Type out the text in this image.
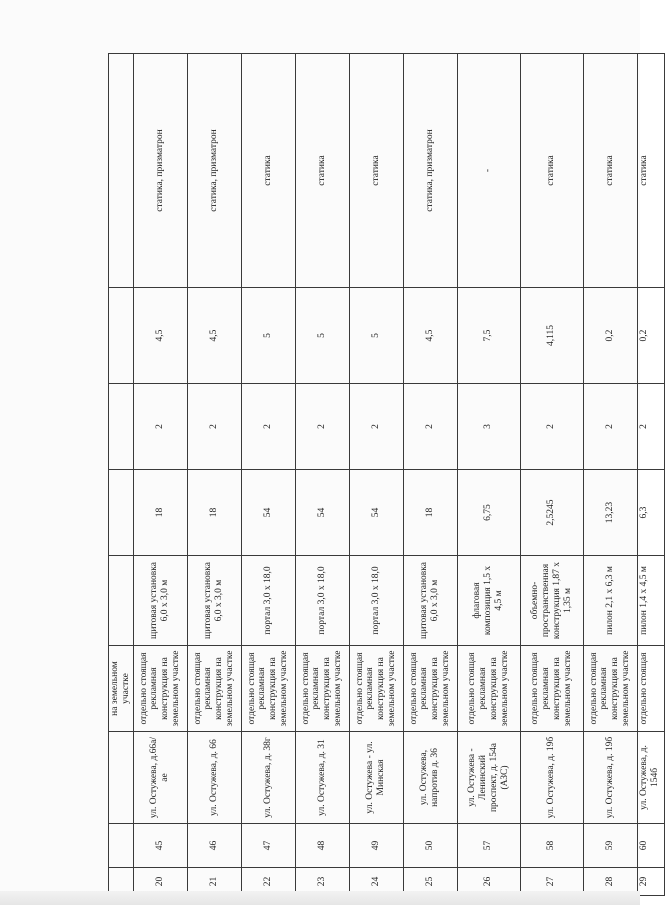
			на земельном участке					
20	45	ул. Остужева, д.66а/ае	отдельно стоящая рекламная конструкция на земельном участке	щитовая установка 6,0 х 3,0 м	18	2	4,5	статика, призматрон
21	46	ул. Остужева, д. 66	отдельно стоящая рекламная конструкция на земельном участке	щитовая установка 6,0 х 3,0 м	18	2	4,5	статика, призматрон
22	47	ул. Остужева, д. 38г	отдельно стоящая рекламная конструкция на земельном участке	портал 3,0 х 18,0	54	2	5	статика
23	48	ул. Остужева, д. 31	отдельно стоящая рекламная конструкция на земельном участке	портал 3,0 х 18,0	54	2	5	статика
24	49	ул. Остужева - ул. Минская	отдельно стоящая рекламная конструкция на земельном участке	портал 3,0 х 18,0	54	2	5	статика
25	50	ул. Остужева, напротив д. 36	отдельно стоящая рекламная конструкция на земельном участке	щитовая установка 6,0 х 3,0 м	18	2	4,5	статика, призматрон
26	57	ул. Остужева - Ленинский проспект, д. 154а (АЗС)	отдельно стоящая рекламная конструкция на земельном участке	флаговая композиция 1,5 х 4,5 м	6,75	3	7,5	-
27	58	ул. Остужева, д. 19б	отдельно стоящая рекламная конструкция на земельном участке	объемно-пространственная конструкция 1,87 х 1,35 м	2,5245	2	4,115	статика
28	59	ул. Остужева, д. 19б	отдельно стоящая рекламная конструкция на земельном участке	пилон 2,1 х 6,3 м	13,23	2	0,2	статика
29	60	ул. Остужева, д. 154б	отдельно стоящая	пилон 1,4 х 4,5 м	6,3	2	0,2	статика
